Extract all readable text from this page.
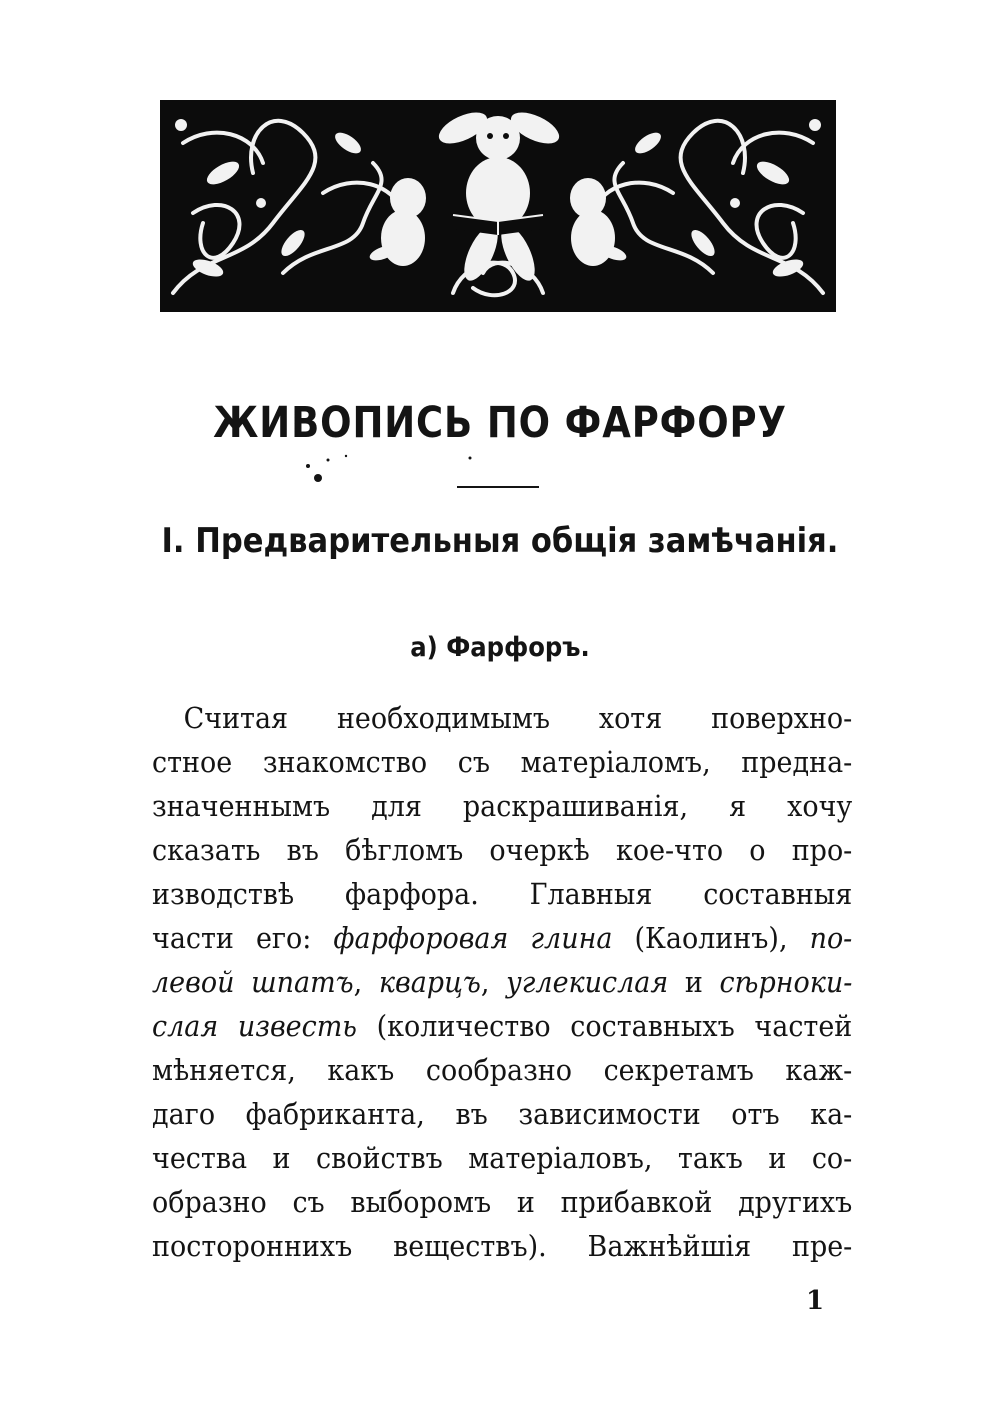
ЖИВОПИСЬ ПО ФАРФОРУ
I. Предварительныя общія замѣчанія.
а) Фарфоръ.
Считая необходимымъ хотя поверхно-
стное знакомство съ матеріаломъ, предна-
значеннымъ для раскрашиванія, я хочу
сказать въ бѣгломъ очеркѣ кое-что о про-
изводствѣ фарфора. Главныя составныя
части его: фарфоровая глина (Каолинъ), по-
левой шпатъ, кварцъ, углекислая и сѣрноки-
слая известь (количество составныхъ частей
мѣняется, какъ сообразно секретамъ каж-
даго фабриканта, въ зависимости отъ ка-
чества и свойствъ матеріаловъ, такъ и со-
образно съ выборомъ и прибавкой другихъ
постороннихъ веществъ). Важнѣйшія пре-
1
